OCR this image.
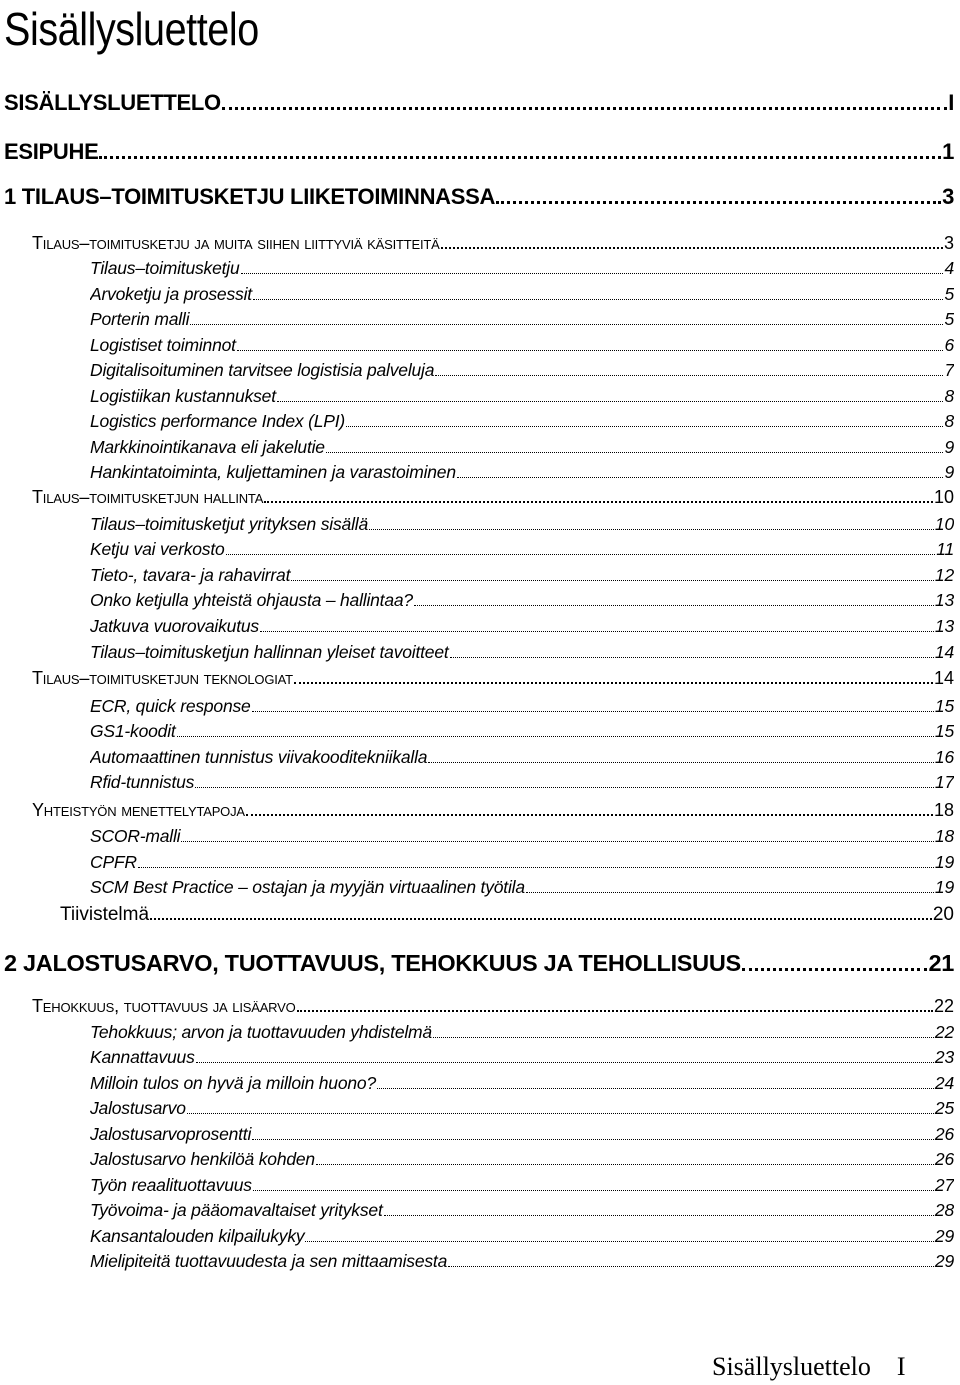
Sisällysluettelo
SISÄLLYSLUETTELO	I
ESIPUHE	1
1 TILAUS–TOIMITUSKETJU LIIKETOIMINNASSA	3
Tilaus–toimitusketju ja muita siihen liittyviä käsitteitä	3
Tilaus–toimitusketju	4
Arvoketju ja prosessit	5
Porterin malli	5
Logistiset toiminnot	6
Digitalisoituminen tarvitsee logistisia palveluja	7
Logistiikan kustannukset	8
Logistics performance Index (LPI)	8
Markkinointikanava eli jakelutie	9
Hankintatoiminta, kuljettaminen ja varastoiminen	9
Tilaus–toimitusketjun hallinta	10
Tilaus–toimitusketjut yrityksen sisällä	10
Ketju vai verkosto	11
Tieto-, tavara- ja rahavirrat	12
Onko ketjulla yhteistä ohjausta – hallintaa?	13
Jatkuva vuorovaikutus	13
Tilaus–toimitusketjun hallinnan yleiset tavoitteet	14
Tilaus–toimitusketjun teknologiat	14
ECR, quick response	15
GS1-koodit	15
Automaattinen tunnistus viivakooditekniikalla	16
Rfid-tunnistus	17
Yhteistyön menettelytapoja	18
SCOR-malli	18
CPFR	19
SCM Best Practice – ostajan ja myyjän virtuaalinen työtila	19
Tiivistelmä	20
2 JALOSTUSARVO, TUOTTAVUUS, TEHOKKUUS JA TEHOLLISUUS	21
Tehokkuus, tuottavuus ja lisäarvo	22
Tehokkuus; arvon ja tuottavuuden yhdistelmä	22
Kannattavuus	23
Milloin tulos on hyvä ja milloin huono?	24
Jalostusarvo	25
Jalostusarvoprosentti	26
Jalostusarvo henkilöä kohden	26
Työn reaalituottavuus	27
Työvoima- ja pääomavaltaiset yritykset	28
Kansantalouden kilpailukyky	29
Mielipiteitä tuottavuudesta ja sen mittaamisesta	29
Sisällysluettelo I
